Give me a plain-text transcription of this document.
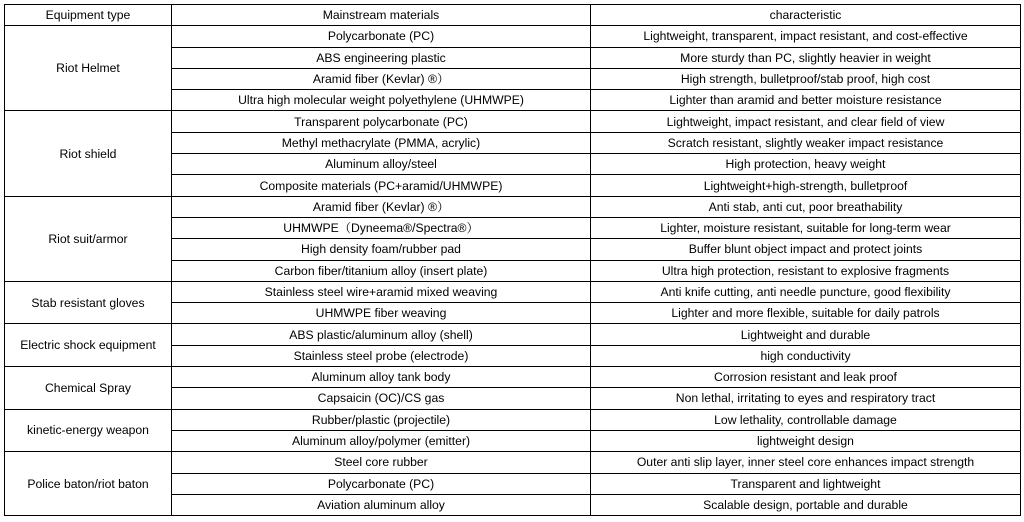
Equipment type	Mainstream materials	characteristic
Riot Helmet	Polycarbonate (PC)	Lightweight, transparent, impact resistant, and cost-effective
	ABS engineering plastic	More sturdy than PC, slightly heavier in weight
	Aramid fiber (Kevlar) ®）	High strength, bulletproof/stab proof, high cost
	Ultra high molecular weight polyethylene (UHMWPE)	Lighter than aramid and better moisture resistance
Riot shield	Transparent polycarbonate (PC)	Lightweight, impact resistant, and clear field of view
	Methyl methacrylate (PMMA, acrylic)	Scratch resistant, slightly weaker impact resistance
	Aluminum alloy/steel	High protection, heavy weight
	Composite materials (PC+aramid/UHMWPE)	Lightweight+high-strength, bulletproof
Riot suit/armor	Aramid fiber (Kevlar) ®）	Anti stab, anti cut, poor breathability
	UHMWPE（Dyneema®/Spectra®）	Lighter, moisture resistant, suitable for long-term wear
	High density foam/rubber pad	Buffer blunt object impact and protect joints
	Carbon fiber/titanium alloy (insert plate)	Ultra high protection, resistant to explosive fragments
Stab resistant gloves	Stainless steel wire+aramid mixed weaving	Anti knife cutting, anti needle puncture, good flexibility
	UHMWPE fiber weaving	Lighter and more flexible, suitable for daily patrols
Electric shock equipment	ABS plastic/aluminum alloy (shell)	Lightweight and durable
	Stainless steel probe (electrode)	high conductivity
Chemical Spray	Aluminum alloy tank body	Corrosion resistant and leak proof
	Capsaicin (OC)/CS gas	Non lethal, irritating to eyes and respiratory tract
kinetic-energy weapon	Rubber/plastic (projectile)	Low lethality, controllable damage
	Aluminum alloy/polymer (emitter)	lightweight design
Police baton/riot baton	Steel core rubber	Outer anti slip layer, inner steel core enhances impact strength
	Polycarbonate (PC)	Transparent and lightweight
	Aviation aluminum alloy	Scalable design, portable and durable
